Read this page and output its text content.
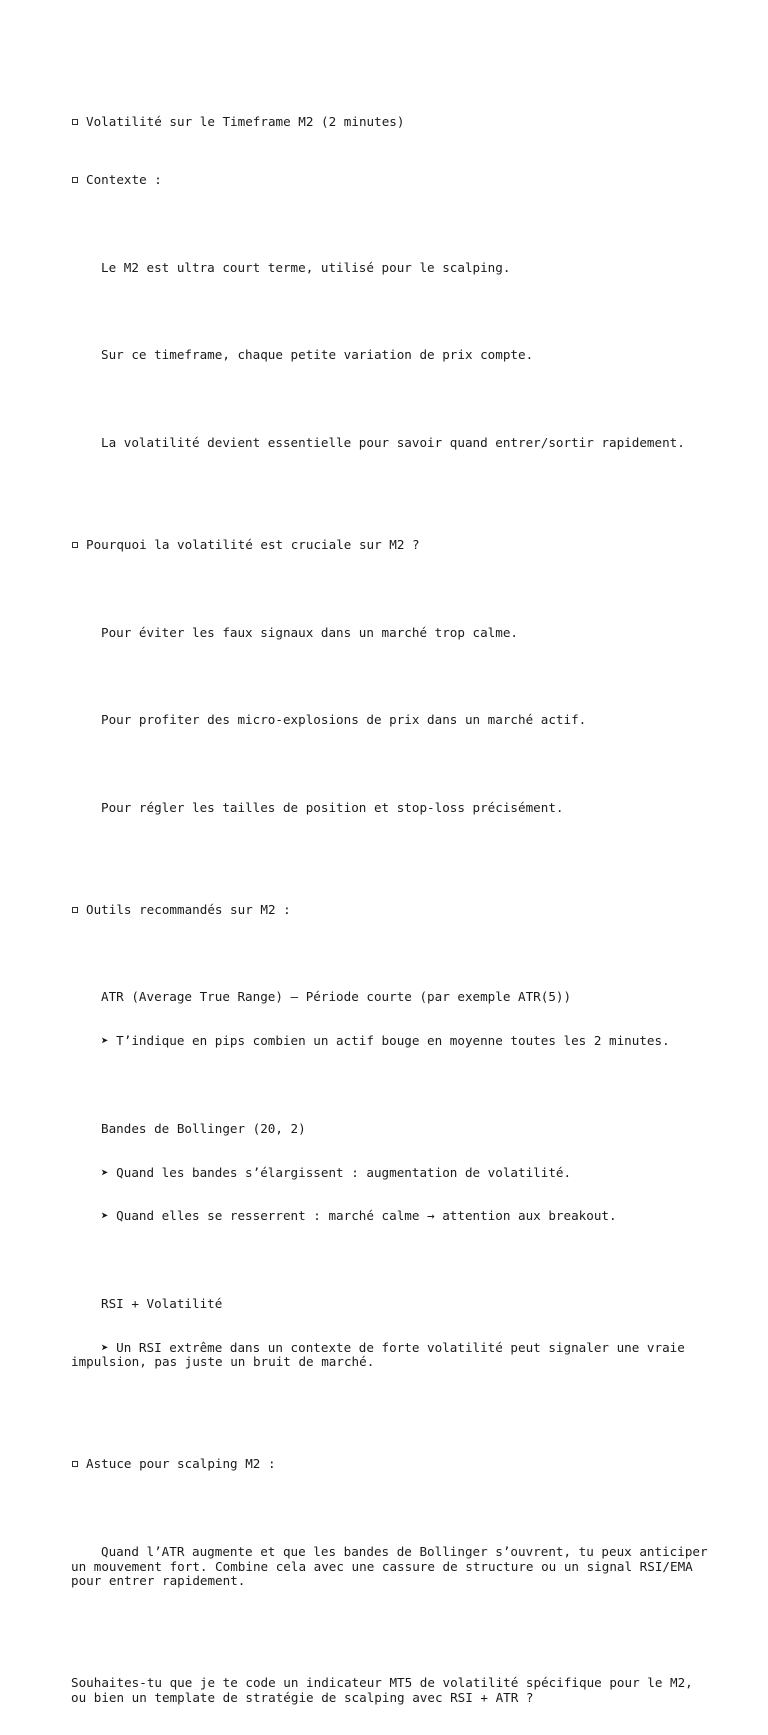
Volatilité sur le Timeframe M2 (2 minutes)

Contexte :

Le M2 est ultra court terme, utilisé pour le scalping.

Sur ce timeframe, chaque petite variation de prix compte.

La volatilité devient essentielle pour savoir quand entrer/sortir rapidement.

Pourquoi la volatilité est cruciale sur M2 ?

Pour éviter les faux signaux dans un marché trop calme.

Pour profiter des micro-explosions de prix dans un marché actif.

Pour régler les tailles de position et stop-loss précisément.

Outils recommandés sur M2 :

ATR (Average True Range) – Période courte (par exemple ATR(5))

➤ T’indique en pips combien un actif bouge en moyenne toutes les 2 minutes.

Bandes de Bollinger (20, 2)

➤ Quand les bandes s’élargissent : augmentation de volatilité.

➤ Quand elles se resserrent : marché calme → attention aux breakout.

RSI + Volatilité

➤ Un RSI extrême dans un contexte de forte volatilité peut signaler une vraie impulsion, pas juste un bruit de marché.

Astuce pour scalping M2 :

Quand l’ATR augmente et que les bandes de Bollinger s’ouvrent, tu peux anticiper un mouvement fort. Combine cela avec une cassure de structure ou un signal RSI/EMA pour entrer rapidement.

Souhaites-tu que je te code un indicateur MT5 de volatilité spécifique pour le M2, ou bien un template de stratégie de scalping avec RSI + ATR ?
